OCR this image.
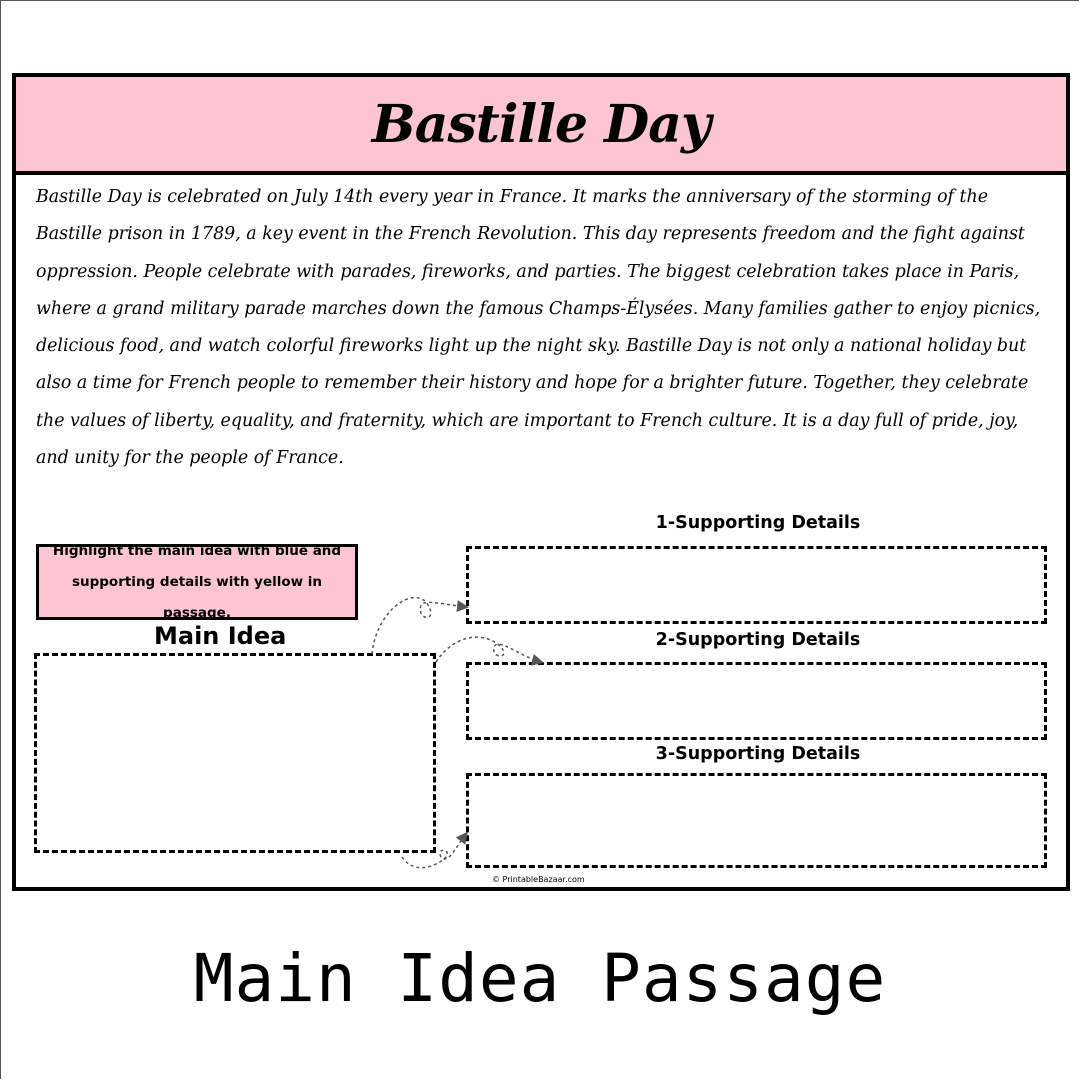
Bastille Day
Bastille Day is celebrated on July 14th every year in France. It marks the anniversary of the storming of the Bastille prison in 1789, a key event in the French Revolution. This day represents freedom and the fight against oppression. People celebrate with parades, fireworks, and parties. The biggest celebration takes place in Paris, where a grand military parade marches down the famous Champs-Élysées. Many families gather to enjoy picnics, delicious food, and watch colorful fireworks light up the night sky. Bastille Day is not only a national holiday but also a time for French people to remember their history and hope for a brighter future. Together, they celebrate the values of liberty, equality, and fraternity, which are important to French culture. It is a day full of pride, joy, and unity for the people of France.
Highlight the main idea with blue and supporting details with yellow in passage.
Main Idea
1-Supporting Details
2-Supporting Details
3-Supporting Details
© PrintableBazaar.com
Main Idea Passage
